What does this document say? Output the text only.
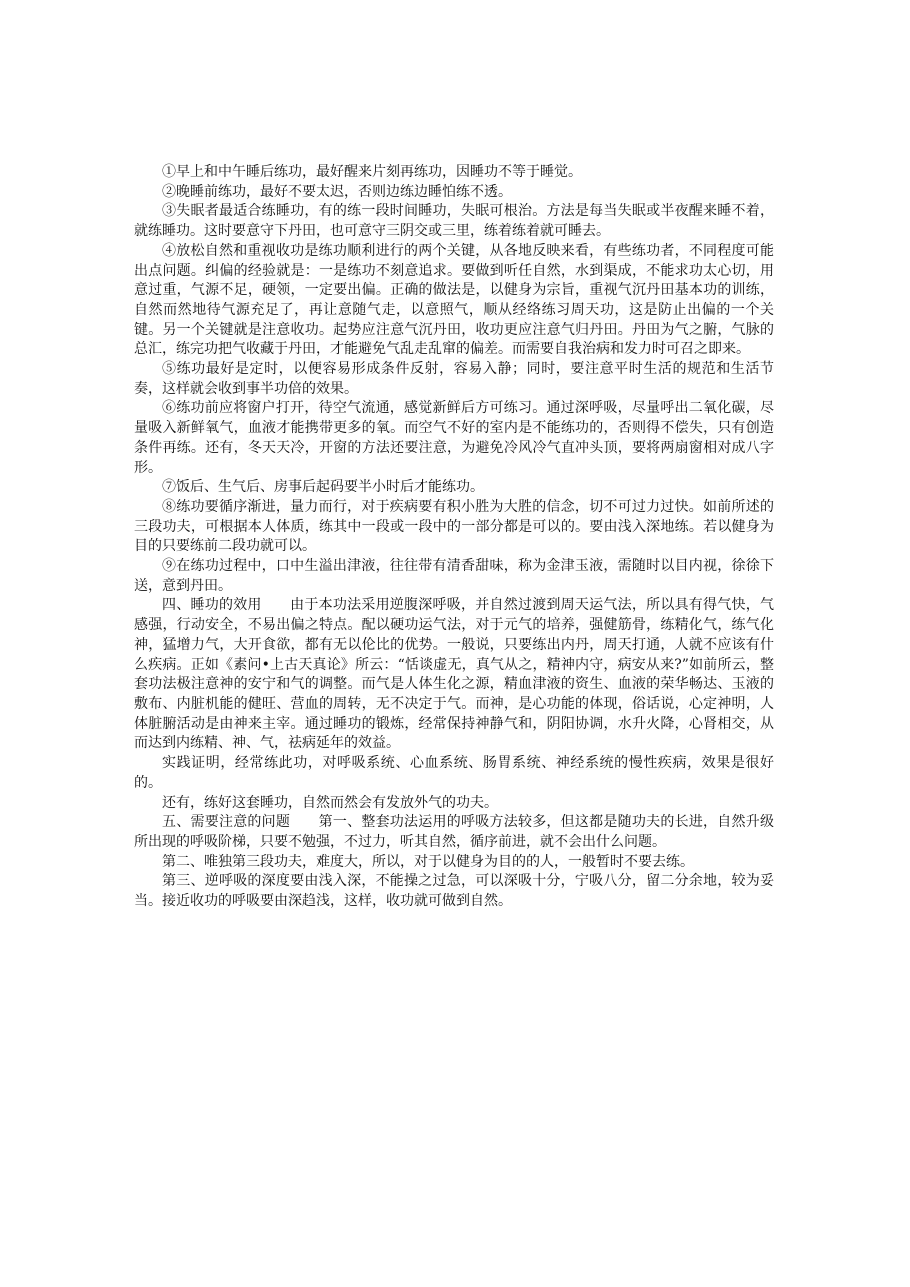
①早上和中午睡后练功，最好醒来片刻再练功，因睡功不等于睡觉。

②晚睡前练功，最好不要太迟，否则边练边睡怕练不透。

③失眠者最适合练睡功，有的练一段时间睡功，失眠可根治。方法是每当失眠或半夜醒来睡不着，就练睡功。这时要意守下丹田，也可意守三阴交或三里，练着练着就可睡去。

④放松自然和重视收功是练功顺利进行的两个关键，从各地反映来看，有些练功者，不同程度可能出点问题。纠偏的经验就是：一是练功不刻意追求。要做到听任自然，水到渠成，不能求功太心切，用意过重，气源不足，硬领，一定要出偏。正确的做法是，以健身为宗旨，重视气沉丹田基本功的训练，自然而然地待气源充足了，再让意随气走，以意照气，顺从经络练习周天功，这是防止出偏的一个关键。另一个关键就是注意收功。起势应注意气沉丹田，收功更应注意气归丹田。丹田为气之腑，气脉的总汇，练完功把气收藏于丹田，才能避免气乱走乱窜的偏差。而需要自我治病和发力时可召之即来。

⑤练功最好是定时，以便容易形成条件反射，容易入静；同时，要注意平时生活的规范和生活节奏，这样就会收到事半功倍的效果。

⑥练功前应将窗户打开，待空气流通，感觉新鲜后方可练习。通过深呼吸，尽量呼出二氧化碳，尽量吸入新鲜氧气，血液才能携带更多的氧。而空气不好的室内是不能练功的，否则得不偿失，只有创造条件再练。还有，冬天天冷，开窗的方法还要注意，为避免冷风冷气直冲头顶，要将两扇窗相对成八字形。

⑦饭后、生气后、房事后起码要半小时后才能练功。

⑧练功要循序渐进，量力而行，对于疾病要有积小胜为大胜的信念，切不可过力过快。如前所述的三段功夫，可根据本人体质，练其中一段或一段中的一部分都是可以的。要由浅入深地练。若以健身为目的只要练前二段功就可以。

⑨在练功过程中，口中生溢出津液，往往带有清香甜味，称为金津玉液，需随时以目内视，徐徐下送，意到丹田。

四、睡功的效用　　由于本功法采用逆腹深呼吸，并自然过渡到周天运气法，所以具有得气快，气感强，行动安全，不易出偏之特点。配以硬功运气法，对于元气的培养，强健筋骨，练精化气，练气化神，猛增力气，大开食欲，都有无以伦比的优势。一般说，只要练出内丹，周天打通，人就不应该有什么疾病。正如《素问•上古天真论》所云：“恬谈虚无，真气从之，精神内守，病安从来?”如前所云，整套功法极注意神的安宁和气的调整。而气是人体生化之源，精血津液的资生、血液的荣华畅达、玉液的敷布、内脏机能的健旺、营血的周转，无不决定于气。而神，是心功能的体现，俗话说，心定神明，人体脏腑活动是由神来主宰。通过睡功的锻炼，经常保持神静气和，阴阳协调，水升火降，心肾相交，从而达到内练精、神、气，祛病延年的效益。

实践证明，经常练此功，对呼吸系统、心血系统、肠胃系统、神经系统的慢性疾病，效果是很好的。

还有，练好这套睡功，自然而然会有发放外气的功夫。

五、需要注意的问题　　第一、整套功法运用的呼吸方法较多，但这都是随功夫的长进，自然升级所出现的呼吸阶梯，只要不勉强，不过力，听其自然，循序前进，就不会出什么问题。

第二、唯独第三段功夫，难度大，所以，对于以健身为目的的人，一般暂时不要去练。

第三、逆呼吸的深度要由浅入深，不能操之过急，可以深吸十分，宁吸八分，留二分余地，较为妥当。接近收功的呼吸要由深趋浅，这样，收功就可做到自然。
